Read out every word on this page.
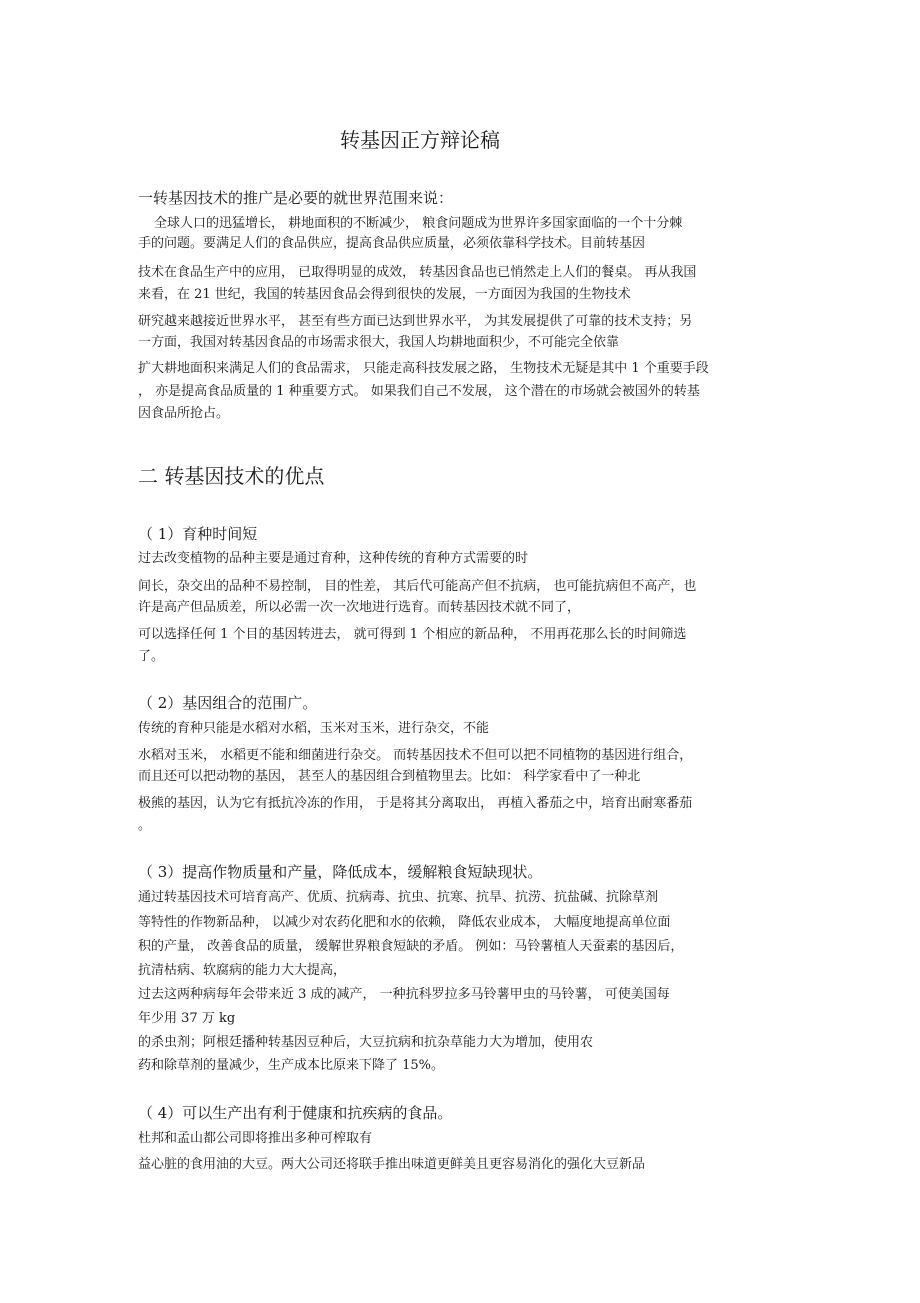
转基因正方辩论稿
一转基因技术的推广是必要的就世界范围来说：
全球人口的迅猛增长， 耕地面积的不断减少， 粮食问题成为世界许多国家面临的一个十分棘
手的问题。要满足人们的食品供应，提高食品供应质量，必须依靠科学技术。目前转基因
技术在食品生产中的应用， 已取得明显的成效， 转基因食品也已悄然走上人们的餐桌。 再从我国
来看，在 21 世纪，我国的转基因食品会得到很快的发展，一方面因为我国的生物技术
研究越来越接近世界水平， 甚至有些方面已达到世界水平， 为其发展提供了可靠的技术支持；另
一方面，我国对转基因食品的市场需求很大，我国人均耕地面积少，不可能完全依靠
扩大耕地面积来满足人们的食品需求， 只能走高科技发展之路， 生物技术无疑是其中 1 个重要手段
， 亦是提高食品质量的 1 种重要方式。 如果我们自己不发展， 这个潜在的市场就会被国外的转基
因食品所抢占。
二 转基因技术的优点
（ 1）育种时间短
过去改变植物的品种主要是通过育种，这种传统的育种方式需要的时
间长，杂交出的品种不易控制， 目的性差， 其后代可能高产但不抗病， 也可能抗病但不高产，也
许是高产但品质差，所以必需一次一次地进行选育。而转基因技术就不同了，
可以选择任何 1 个目的基因转进去， 就可得到 1 个相应的新品种， 不用再花那么长的时间筛选
了。
（ 2）基因组合的范围广。
传统的育种只能是水稻对水稻，玉米对玉米，进行杂交，不能
水稻对玉米， 水稻更不能和细菌进行杂交。 而转基因技术不但可以把不同植物的基因进行组合，
而且还可以把动物的基因， 甚至人的基因组合到植物里去。比如： 科学家看中了一种北
极熊的基因，认为它有抵抗冷冻的作用， 于是将其分离取出， 再植入番茄之中，培育出耐寒番茄
。
（ 3）提高作物质量和产量，降低成本，缓解粮食短缺现状。
通过转基因技术可培育高产、优质、抗病毒、抗虫、抗寒、抗旱、抗涝、抗盐碱、抗除草剂
等特性的作物新品种， 以减少对农药化肥和水的依赖， 降低农业成本， 大幅度地提高单位面
积的产量， 改善食品的质量， 缓解世界粮食短缺的矛盾。 例如：马铃薯植人天蚕素的基因后，
抗清枯病、软腐病的能力大大提高，
过去这两种病每年会带来近 3 成的减产， 一种抗科罗拉多马铃薯甲虫的马铃薯， 可使美国每
年少用 37 万 kg
的杀虫剂；阿根廷播种转基因豆种后，大豆抗病和抗杂草能力大为增加，使用农
药和除草剂的量减少，生产成本比原来下降了 15%。
（ 4）可以生产出有利于健康和抗疾病的食品。
杜邦和孟山都公司即将推出多种可榨取有
益心脏的食用油的大豆。两大公司还将联手推出味道更鲜美且更容易消化的强化大豆新品
